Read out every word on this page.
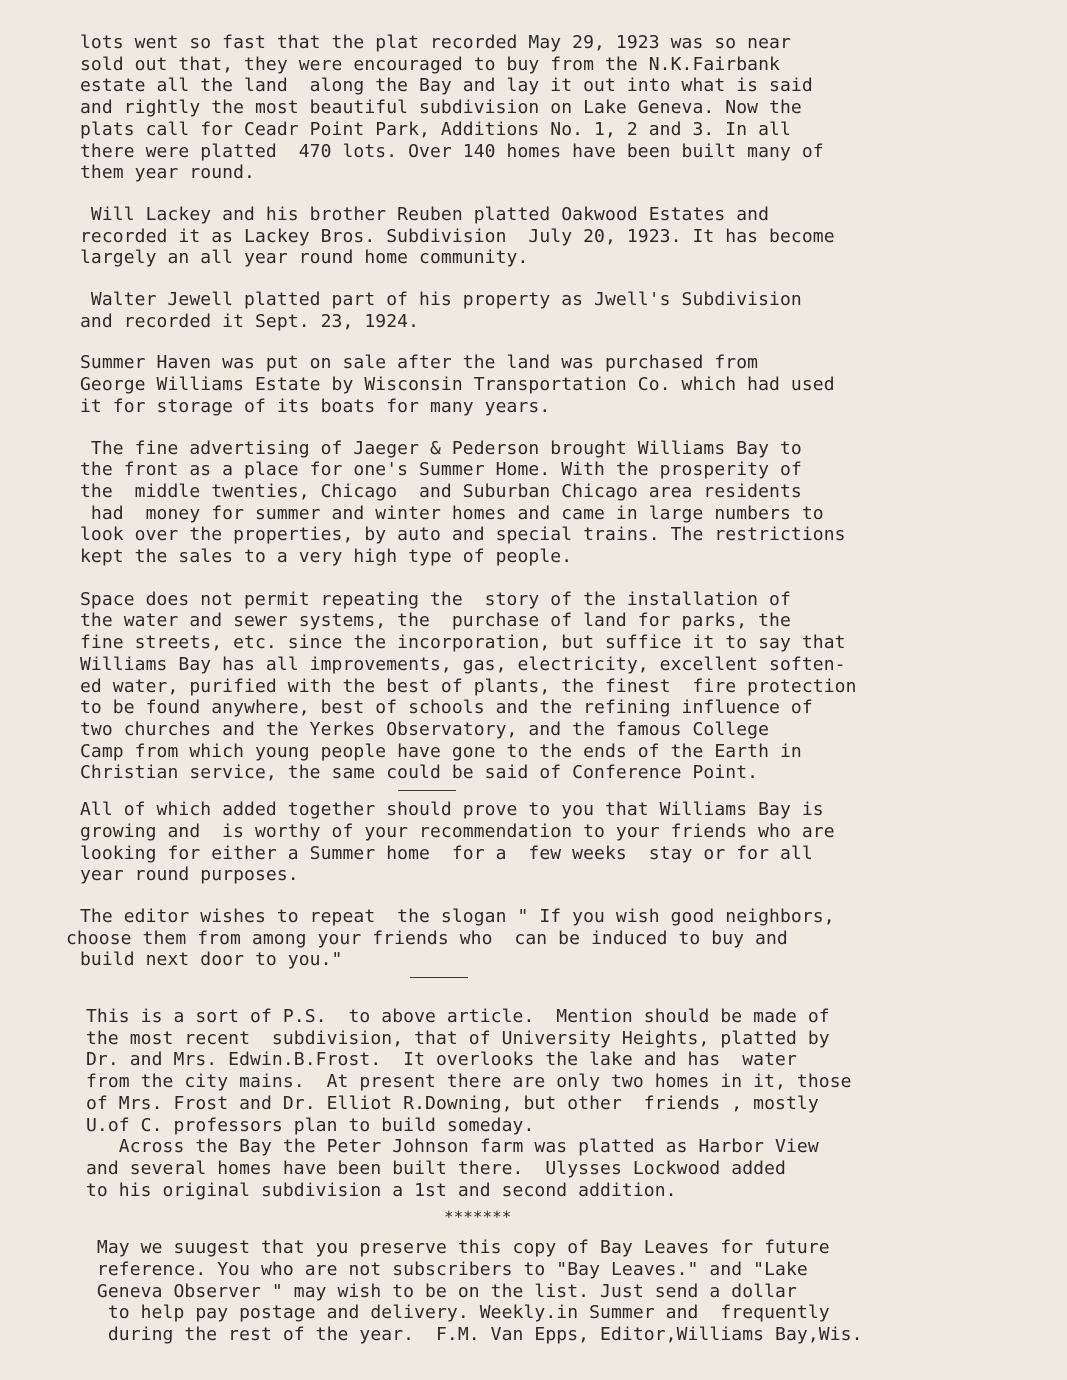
lots went so fast that the plat recorded May 29, 1923 was so near
sold out that, they were encouraged to buy from the N.K.Fairbank
estate all the land  along the Bay and lay it out into what is said
and rightly the most beautiful subdivision on Lake Geneva. Now the
plats call for Ceadr Point Park, Additions No. 1, 2 and 3. In all
there were platted  470 lots. Over 140 homes have been built many of
them year round.
Will Lackey and his brother Reuben platted Oakwood Estates and
recorded it as Lackey Bros. Subdivision  July 20, 1923. It has become
largely an all year round home community.
Walter Jewell platted part of his property as Jwell's Subdivision
and recorded it Sept. 23, 1924.
Summer Haven was put on sale after the land was purchased from
George Williams Estate by Wisconsin Transportation Co. which had used
it for storage of its boats for many years.
The fine advertising of Jaeger & Pederson brought Williams Bay to
the front as a place for one's Summer Home. With the prosperity of
the  middle twenties, Chicago  and Suburban Chicago area residents
had  money for summer and winter homes and came in large numbers to
look over the properties, by auto and special trains. The restrictions
kept the sales to a very high type of people.
Space does not permit repeating the  story of the installation of
the water and sewer systems, the  purchase of land for parks, the
fine streets, etc. since the incorporation, but suffice it to say that
Williams Bay has all improvements, gas, electricity, excellent soften-
ed water, purified with the best of plants, the finest  fire protection
to be found anywhere, best of schools and the refining influence of
two churches and the Yerkes Observatory, and the famous College
Camp from which young people have gone to the ends of the Earth in
Christian service, the same could be said of Conference Point.
All of which added together should prove to you that Williams Bay is
growing and  is worthy of your recommendation to your friends who are
looking for either a Summer home  for a  few weeks  stay or for all
year round purposes.
The editor wishes to repeat  the slogan " If you wish good neighbors,
choose them from among your friends who  can be induced to buy and
build next door to you."
This is a sort of P.S.  to above article.  Mention should be made of
the most recent  subdivision, that of University Heights, platted by
Dr. and Mrs. Edwin.B.Frost.  It overlooks the lake and has  water
from the city mains.  At present there are only two homes in it, those
of Mrs. Frost and Dr. Elliot R.Downing, but other  friends , mostly
U.of C. professors plan to build someday.
Across the Bay the Peter Johnson farm was platted as Harbor View
and several homes have been built there.  Ulysses Lockwood added
to his original subdivision a 1st and second addition.
*******
May we suugest that you preserve this copy of Bay Leaves for future
reference. You who are not subscribers to "Bay Leaves." and "Lake
Geneva Observer " may wish to be on the list. Just send a dollar
to help pay postage and delivery. Weekly.in Summer and  frequently
during the rest of the year.  F.M. Van Epps, Editor,Williams Bay,Wis.
